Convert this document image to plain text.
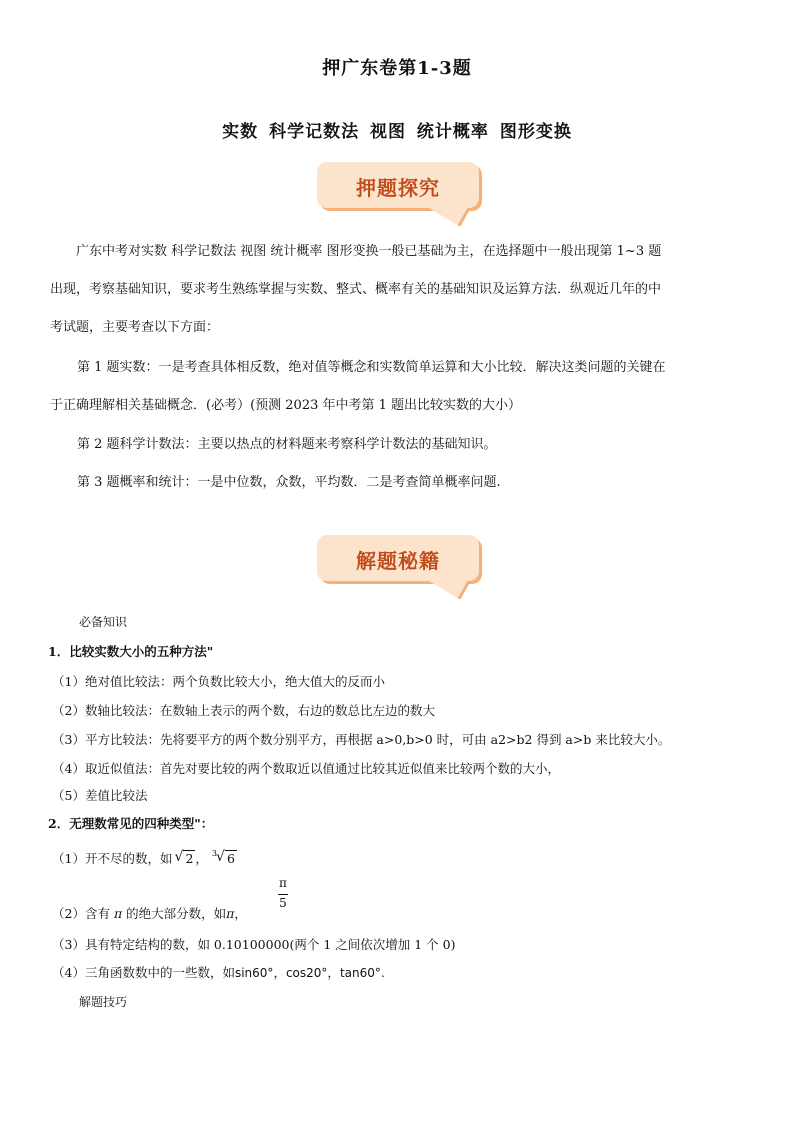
押广东卷第1-3题
实数 科学记数法 视图 统计概率 图形变换
押题探究
广东中考对实数 科学记数法 视图 统计概率 图形变换一般已基础为主，在选择题中一般出现第 1~3 题
出现，考察基础知识，要求考生熟练掌握与实数、整式、概率有关的基础知识及运算方法．纵观近几年的中
考试题，主要考查以下方面：
第 1 题实数：一是考查具体相反数，绝对值等概念和实数简单运算和大小比较．解决这类问题的关键在
于正确理解相关基础概念．(必考）(预测 2023 年中考第 1 题出比较实数的大小）
第 2 题科学计数法：主要以热点的材料题来考察科学计数法的基础知识。
第 3 题概率和统计：一是中位数，众数，平均数．二是考查简单概率问题.
解题秘籍
必备知识
1．比较实数大小的五种方法"
（1）绝对值比较法：两个负数比较大小，绝大值大的反而小
（2）数轴比较法：在数轴上表示的两个数，右边的数总比左边的数大
（3）平方比较法：先将要平方的两个数分别平方，再根据 a>0,b>0 时，可由 a2>b2 得到 a>b 来比较大小。
（4）取近似值法：首先对要比较的两个数取近以值通过比较其近似值来比较两个数的大小，
（5）差值比较法
2．无理数常见的四种类型"：
（1）开不尽的数，如 √ 2 ， $^3$ √ 6
π
5
（2）含有 π 的绝大部分数，如π，
（3）具有特定结构的数，如 0.10100000(两个 1 之间依次增加 1 个 0)
（4）三角函数数中的一些数，如sin60°，cos20°，tan60°.
解题技巧
